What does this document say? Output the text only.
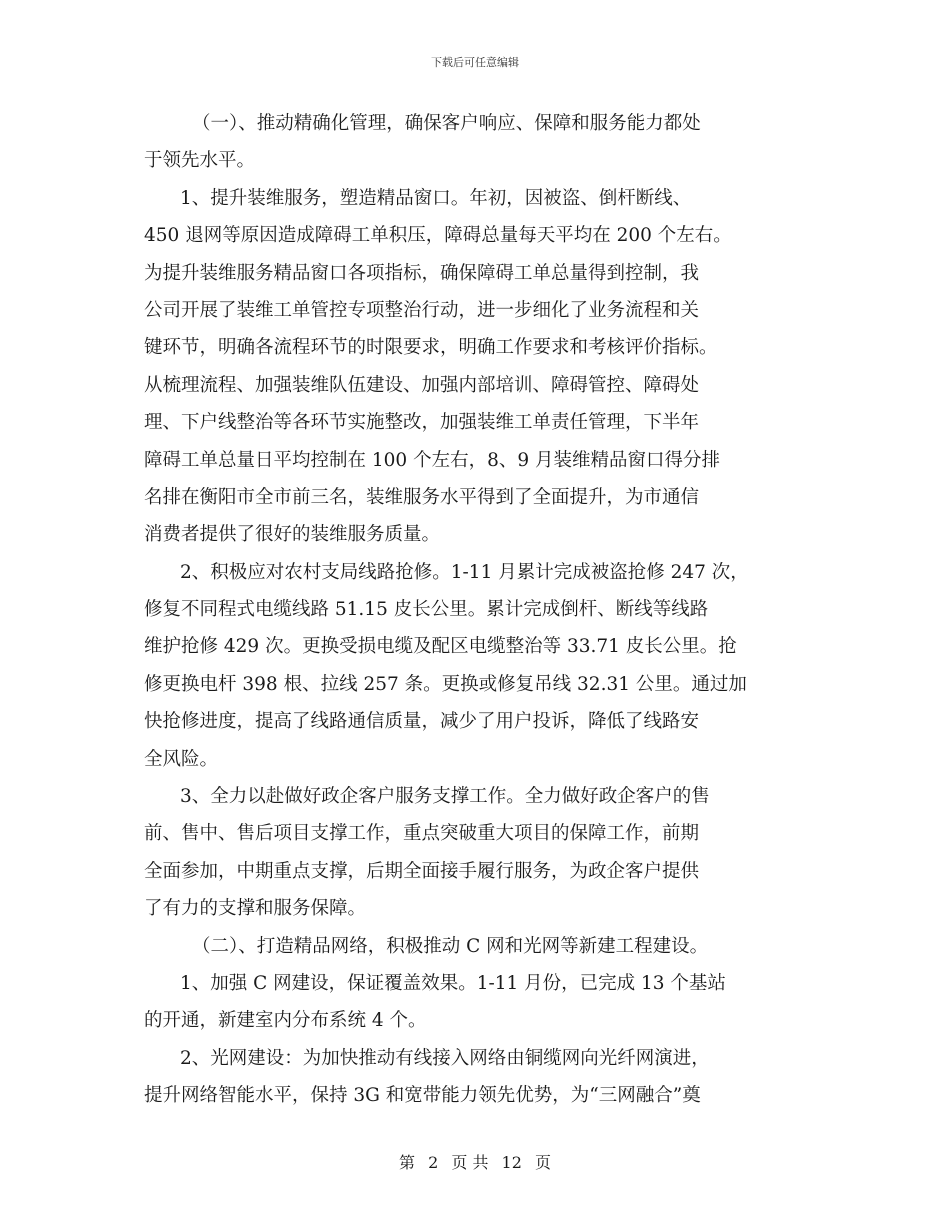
下载后可任意编辑
（一）、推动精确化管理，确保客户响应、保障和服务能力都处
于领先水平。
1、提升装维服务，塑造精品窗口。年初，因被盗、倒杆断线、
450 退网等原因造成障碍工单积压，障碍总量每天平均在 200 个左右。
为提升装维服务精品窗口各项指标，确保障碍工单总量得到控制，我
公司开展了装维工单管控专项整治行动，进一步细化了业务流程和关
键环节，明确各流程环节的时限要求，明确工作要求和考核评价指标。
从梳理流程、加强装维队伍建设、加强内部培训、障碍管控、障碍处
理、下户线整治等各环节实施整改，加强装维工单责任管理，下半年
障碍工单总量日平均控制在 100 个左右，8、9 月装维精品窗口得分排
名排在衡阳市全市前三名，装维服务水平得到了全面提升，为市通信
消费者提供了很好的装维服务质量。
2、积极应对农村支局线路抢修。1-11 月累计完成被盗抢修 247 次，
修复不同程式电缆线路 51.15 皮长公里。累计完成倒杆、断线等线路
维护抢修 429 次。更换受损电缆及配区电缆整治等 33.71 皮长公里。抢
修更换电杆 398 根、拉线 257 条。更换或修复吊线 32.31 公里。通过加
快抢修进度，提高了线路通信质量，减少了用户投诉，降低了线路安
全风险。
3、全力以赴做好政企客户服务支撑工作。全力做好政企客户的售
前、售中、售后项目支撑工作，重点突破重大项目的保障工作，前期
全面参加，中期重点支撑，后期全面接手履行服务，为政企客户提供
了有力的支撑和服务保障。
（二）、打造精品网络，积极推动 C 网和光网等新建工程建设。
1、加强 C 网建设，保证覆盖效果。1-11 月份，已完成 13 个基站
的开通，新建室内分布系统 4 个。
2、光网建设：为加快推动有线接入网络由铜缆网向光纤网演进，
提升网络智能水平，保持 3G 和宽带能力领先优势，为“三网融合”奠
第 2 页 共 12 页
